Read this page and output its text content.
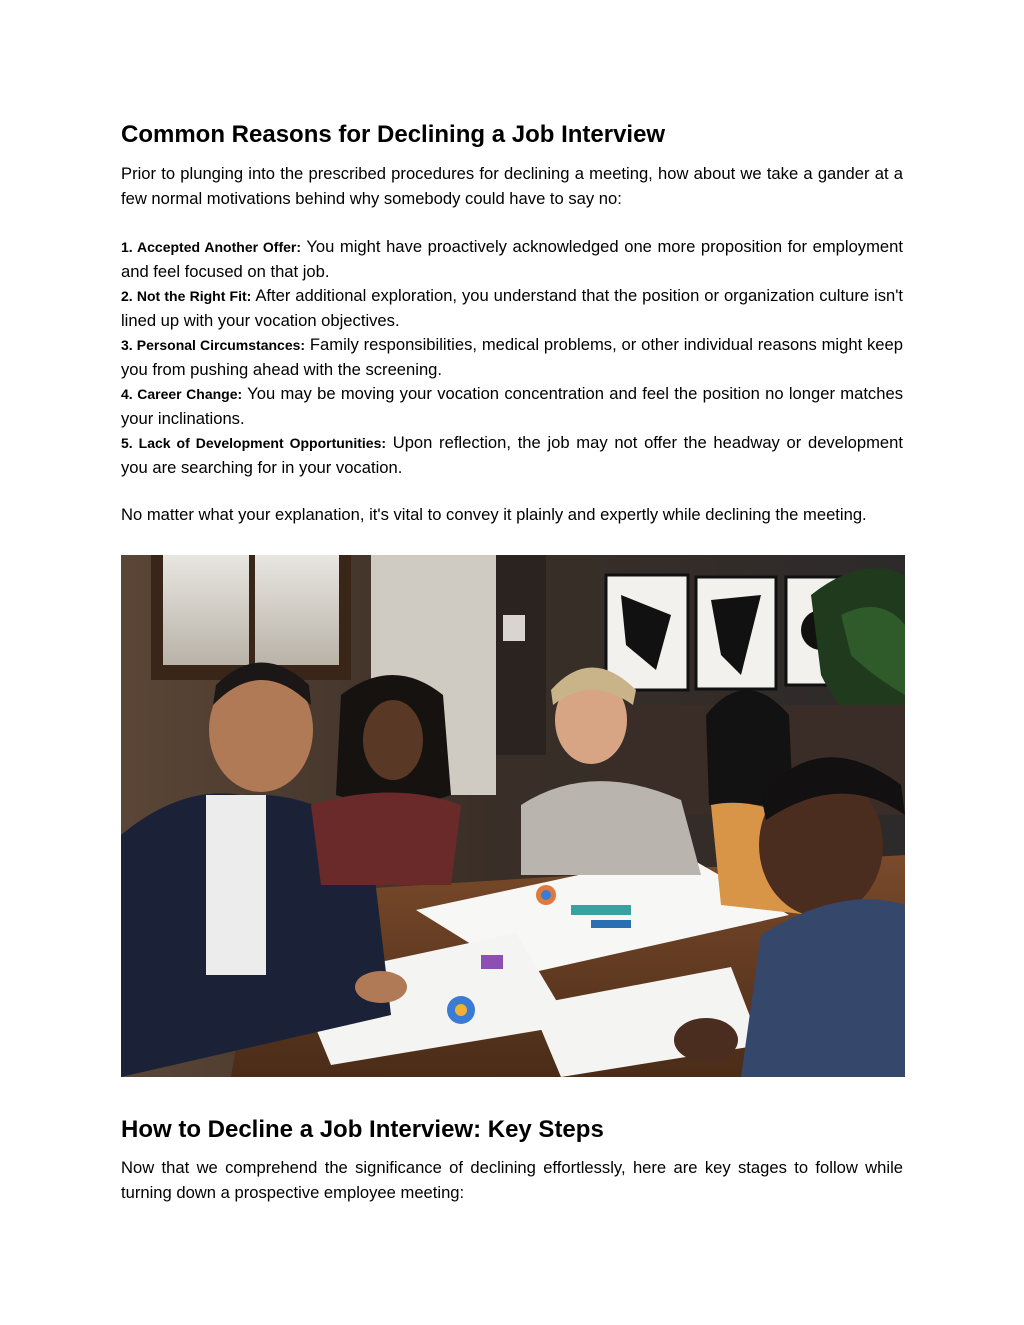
Common Reasons for Declining a Job Interview

Prior to plunging into the prescribed procedures for declining a meeting, how about we take a gander at a few normal motivations behind why somebody could have to say no:

1. Accepted Another Offer: You might have proactively acknowledged one more proposition for employment and feel focused on that job.
2. Not the Right Fit: After additional exploration, you understand that the position or organization culture isn't lined up with your vocation objectives.
3. Personal Circumstances: Family responsibilities, medical problems, or other individual reasons might keep you from pushing ahead with the screening.
4. Career Change: You may be moving your vocation concentration and feel the position no longer matches your inclinations.
5. Lack of Development Opportunities: Upon reflection, the job may not offer the headway or development you are searching for in your vocation.

No matter what your explanation, it's vital to convey it plainly and expertly while declining the meeting.

How to Decline a Job Interview: Key Steps

Now that we comprehend the significance of declining effortlessly, here are key stages to follow while turning down a prospective employee meeting:
